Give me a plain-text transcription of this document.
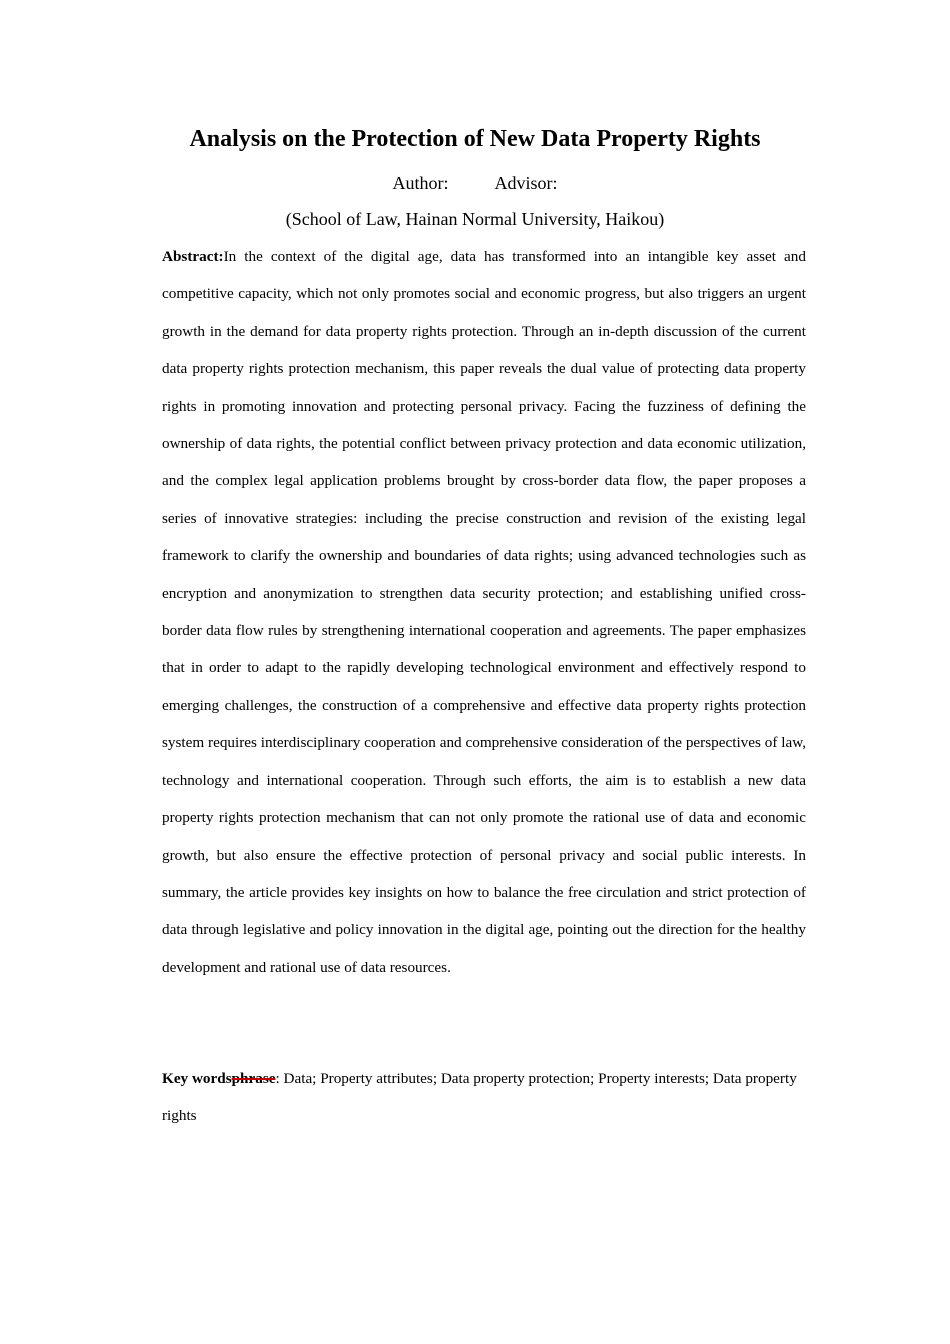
Analysis on the Protection of New Data Property Rights
Author:	Advisor:
(School of Law, Hainan Normal University, Haikou)

Abstract:In the context of the digital age, data has transformed into an intangible key asset and competitive capacity, which not only promotes social and economic progress, but also triggers an urgent growth in the demand for data property rights protection. Through an in-depth discussion of the current data property rights protection mechanism, this paper reveals the dual value of protecting data property rights in promoting innovation and protecting personal privacy. Facing the fuzziness of defining the ownership of data rights, the potential conflict between privacy protection and data economic utilization, and the complex legal application problems brought by cross-border data flow, the paper proposes a series of innovative strategies: including the precise construction and revision of the existing legal framework to clarify the ownership and boundaries of data rights; using advanced technologies such as encryption and anonymization to strengthen data security protection; and establishing unified cross-border data flow rules by strengthening international cooperation and agreements. The paper emphasizes that in order to adapt to the rapidly developing technological environment and effectively respond to emerging challenges, the construction of a comprehensive and effective data property rights protection system requires interdisciplinary cooperation and comprehensive consideration of the perspectives of law, technology and international cooperation. Through such efforts, the aim is to establish a new data property rights protection mechanism that can not only promote the rational use of data and economic growth, but also ensure the effective protection of personal privacy and social public interests. In summary, the article provides key insights on how to balance the free circulation and strict protection of data through legislative and policy innovation in the digital age, pointing out the direction for the healthy development and rational use of data resources.

Key wordsphrase: Data; Property attributes; Data property protection; Property interests; Data property rights
